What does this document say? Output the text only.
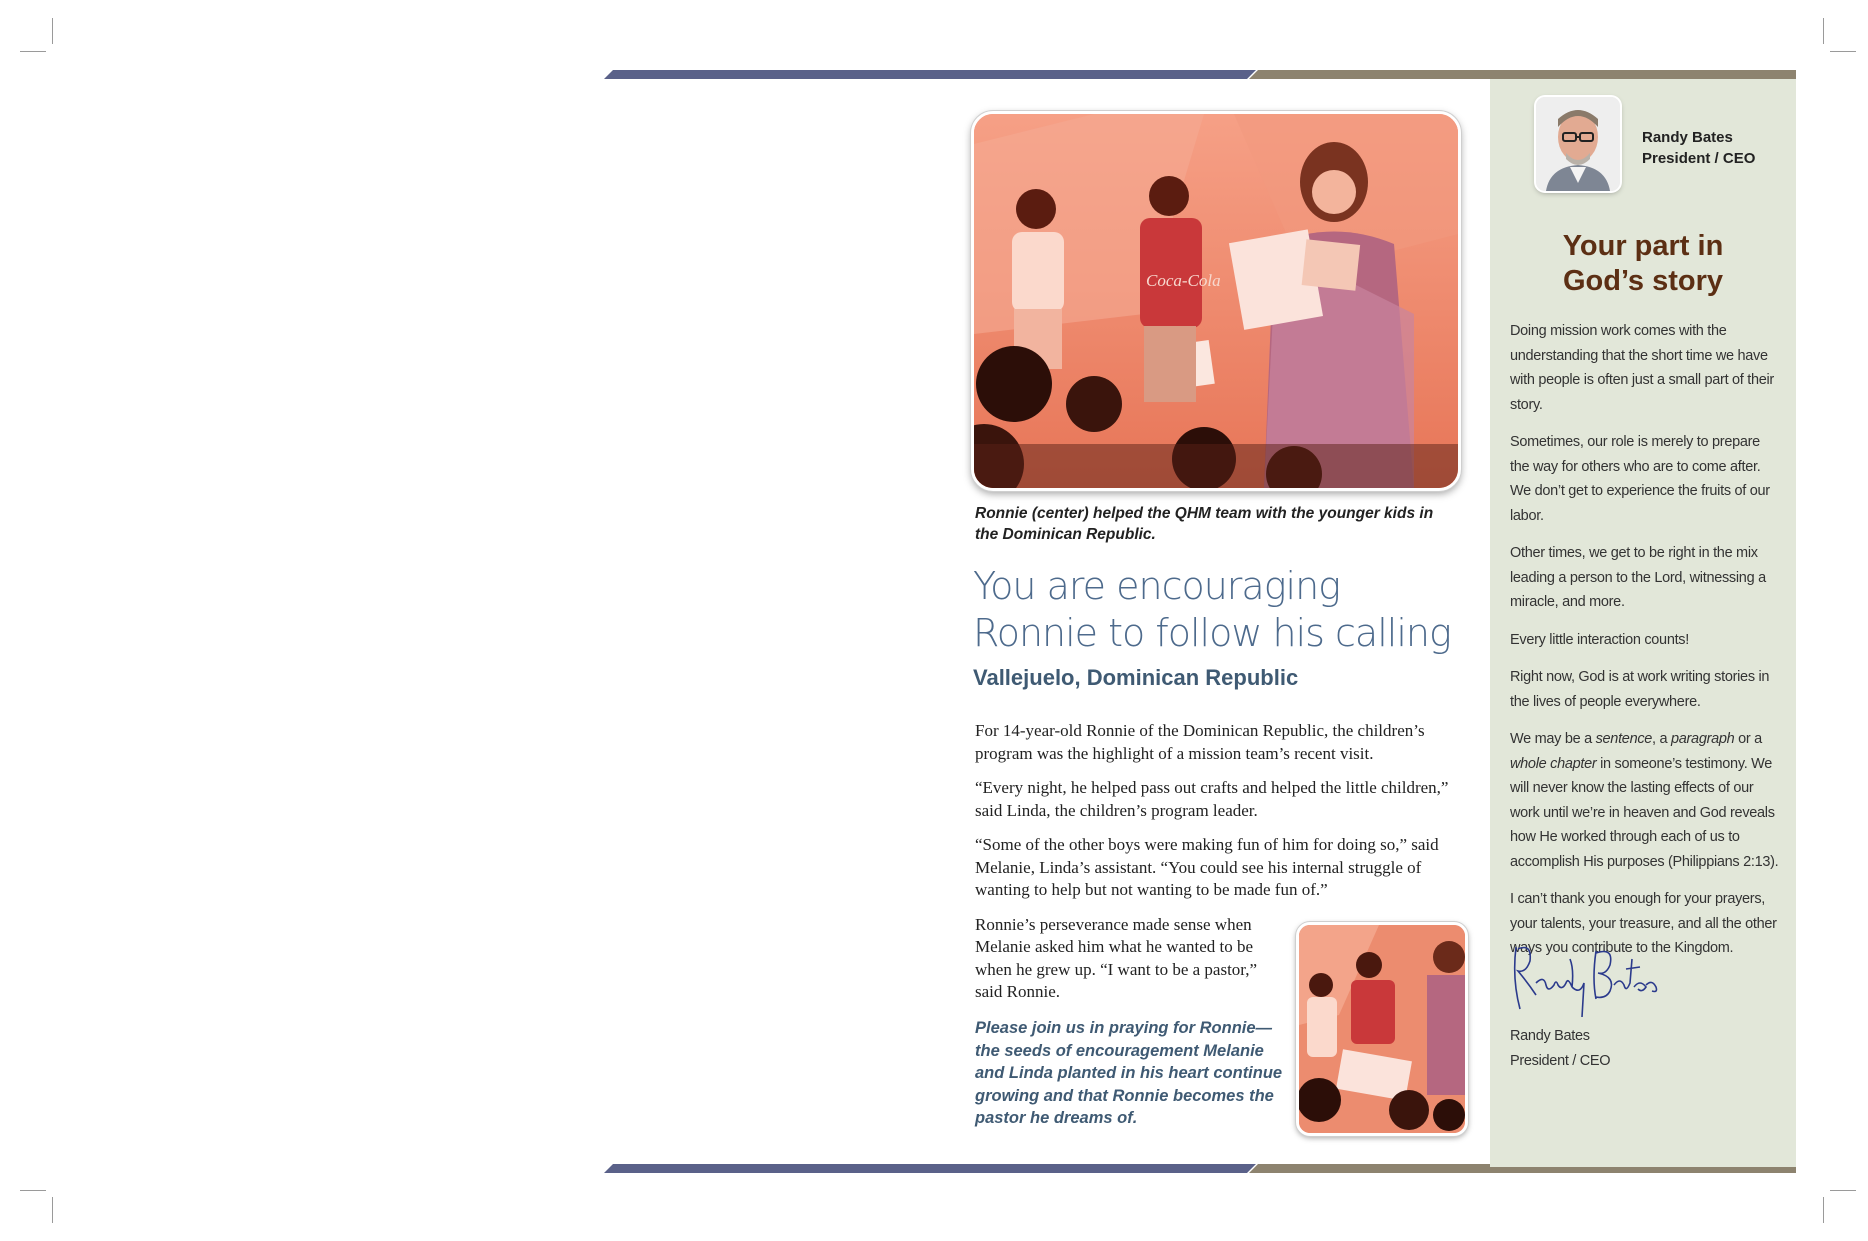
Coca-Cola
Ronnie (center) helped the QHM team with the younger kids in the Dominican Republic.
You are encouraging
Ronnie to follow his calling
Vallejuelo, Dominican Republic

For 14-year-old Ronnie of the Dominican Republic, the children’s program was the highlight of a mission team’s recent visit.

“Every night, he helped pass out crafts and helped the little children,” said Linda, the children’s program leader.

“Some of the other boys were making fun of him for doing so,” said Melanie, Linda’s assistant. “You could see his internal struggle of wanting to help but not wanting to be made fun of.”

Ronnie’s perseverance made sense when Melanie asked him what he wanted to be when he grew up. “I want to be a pastor,” said Ronnie.

Please join us in praying for Ronnie—the seeds of encouragement Melanie and Linda planted in his heart continue growing and that Ronnie becomes the pastor he dreams of.
Randy Bates
President / CEO
Your part in
God’s story

Doing mission work comes with the understanding that the short time we have with people is often just a small part of their story.

Sometimes, our role is merely to prepare the way for others who are to come after. We don’t get to experience the fruits of our labor.

Other times, we get to be right in the mix leading a person to the Lord, witnessing a miracle, and more.

Every little interaction counts!

Right now, God is at work writing stories in the lives of people everywhere.

We may be a sentence, a paragraph or a whole chapter in someone’s testimony. We will never know the lasting effects of our work until we’re in heaven and God reveals how He worked through each of us to accomplish His purposes (Philippians 2:13).

I can’t thank you enough for your prayers, your talents, your treasure, and all the other ways you contribute to the Kingdom.

Randy Bates
President / CEO
